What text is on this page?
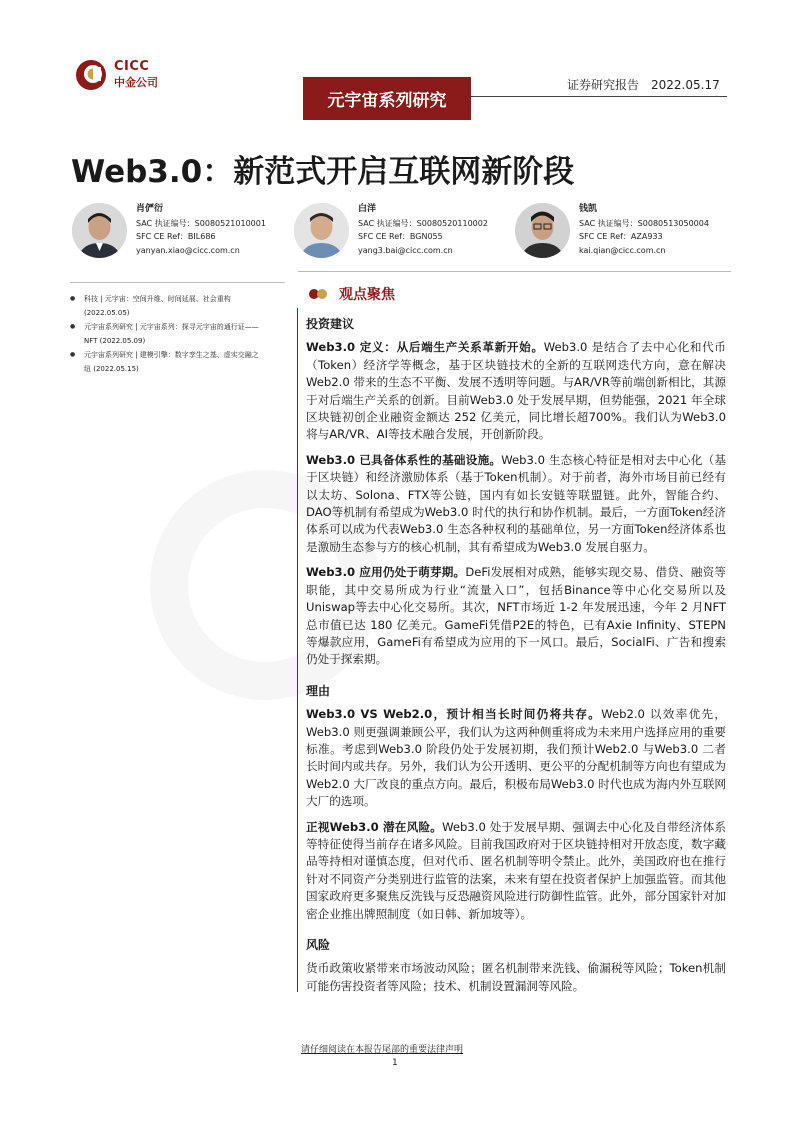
CICC
中金公司
元宇宙系列研究
证券研究报告 2022.05.17
Web3.0：新范式开启互联网新阶段
肖俨衍
SAC 执证编号：S0080521010001
SFC CE Ref：BIL686
yanyan.xiao@cicc.com.cn
白洋
SAC 执证编号：S0080520110002
SFC CE Ref：BGN055
yang3.bai@cicc.com.cn
钱凯
SAC 执证编号：S0080513050004
SFC CE Ref：AZA933
kai.qian@cicc.com.cn
● 科技 | 元宇宙：空间升维、时间延展、社会重构
(2022.05.05)
● 元宇宙系列研究 | 元宇宙系列：探寻元宇宙的通行证——
NFT (2022.05.09)
● 元宇宙系列研究 | 建模引擎：数字孪生之基、虚实交融之
纽 (2022.05.15)
观点聚焦
投资建议
Web3.0 定义：从后端生产关系革新开始。Web3.0 是结合了去中心化和代币（Token）经济学等概念，基于区块链技术的全新的互联网迭代方向，意在解决Web2.0 带来的生态不平衡、发展不透明等问题。与AR/VR等前端创新相比，其源于对后端生产关系的创新。目前Web3.0 处于发展早期，但势能强，2021 年全球区块链初创企业融资金额达 252 亿美元，同比增长超700%。我们认为Web3.0 将与AR/VR、AI等技术融合发展，开创新阶段。
Web3.0 已具备体系性的基础设施。Web3.0 生态核心特征是相对去中心化（基于区块链）和经济激励体系（基于Token机制）。对于前者，海外市场目前已经有以太坊、Solona、FTX等公链，国内有如长安链等联盟链。此外，智能合约、DAO等机制有希望成为Web3.0 时代的执行和协作机制。最后，一方面Token经济体系可以成为代表Web3.0 生态各种权利的基础单位，另一方面Token经济体系也是激励生态参与方的核心机制，其有希望成为Web3.0 发展自驱力。
Web3.0 应用仍处于萌芽期。DeFi发展相对成熟，能够实现交易、借贷、融资等职能，其中交易所成为行业“流量入口”，包括Binance等中心化交易所以及Uniswap等去中心化交易所。其次，NFT市场近 1-2 年发展迅速，今年 2 月NFT总市值已达 180 亿美元。GameFi凭借P2E的特色，已有Axie Infinity、STEPN等爆款应用，GameFi有希望成为应用的下一风口。最后，SocialFi、广告和搜索仍处于探索期。
理由
Web3.0 VS Web2.0，预计相当长时间仍将共存。Web2.0 以效率优先，Web3.0 则更强调兼顾公平，我们认为这两种侧重将成为未来用户选择应用的重要标准。考虑到Web3.0 阶段仍处于发展初期，我们预计Web2.0 与Web3.0 二者长时间内或共存。另外，我们认为公开透明、更公平的分配机制等方向也有望成为Web2.0 大厂改良的重点方向。最后，积极布局Web3.0 时代也成为海内外互联网大厂的选项。
正视Web3.0 潜在风险。Web3.0 处于发展早期、强调去中心化及自带经济体系等特征使得当前存在诸多风险。目前我国政府对于区块链持相对开放态度，数字藏品等持相对谨慎态度，但对代币、匿名机制等明令禁止。此外，美国政府也在推行针对不同资产分类别进行监管的法案，未来有望在投资者保护上加强监管。而其他国家政府更多聚焦反洗钱与反恐融资风险进行防御性监管。此外，部分国家针对加密企业推出牌照制度（如日韩、新加坡等）。
风险
货币政策收紧带来市场波动风险；匿名机制带来洗钱、偷漏税等风险；Token机制可能伤害投资者等风险；技术、机制设置漏洞等风险。
请仔细阅读在本报告尾部的重要法律声明
1
